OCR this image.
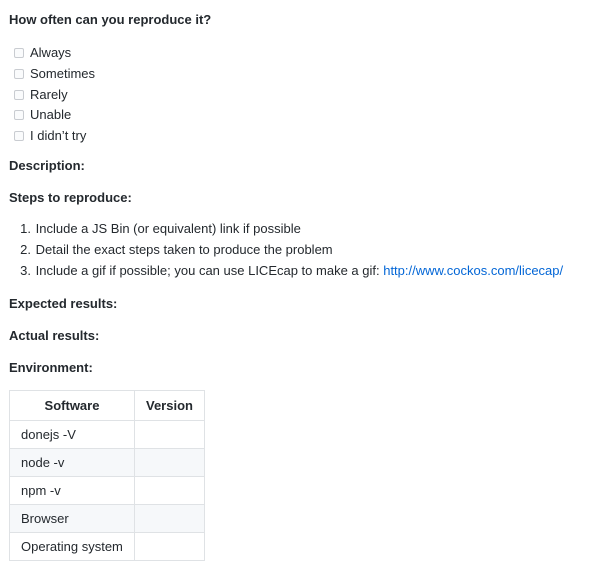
How often can you reproduce it?
Always
Sometimes
Rarely
Unable
I didn’t try
Description:
Steps to reproduce:
1.
Include a JS Bin (or equivalent) link if possible
2.
Detail the exact steps taken to produce the problem
3.
Include a gif if possible; you can use LICEcap to make a gif: http://www.cockos.com/licecap/
Expected results:
Actual results:
Environment:
Software	Version
donejs -V	
node -v	
npm -v	
Browser	
Operating system	
